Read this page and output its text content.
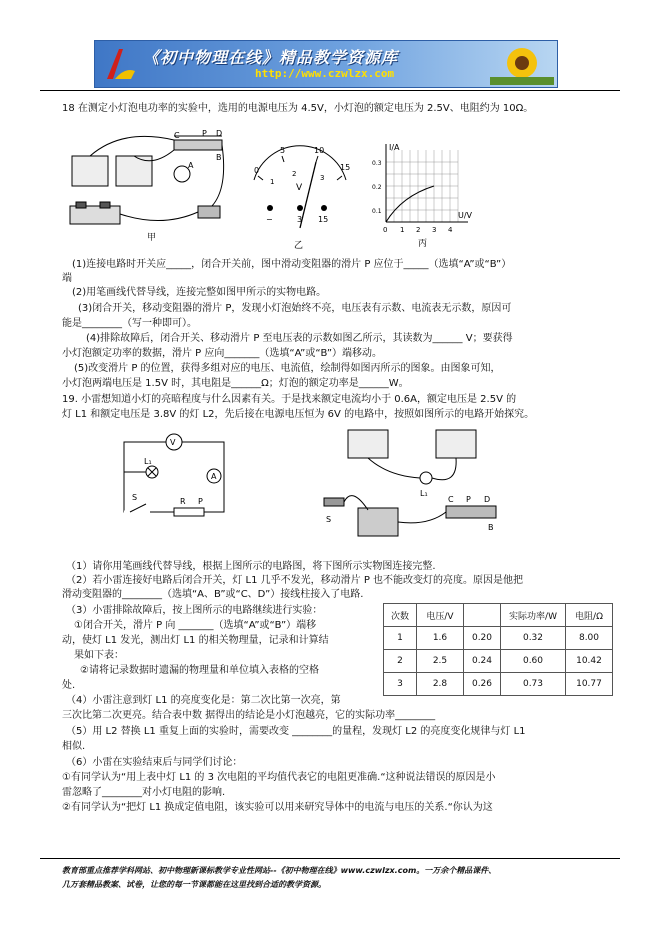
《初中物理在线》精品教学资源库
http://www.czwlzx.com
18 在测定小灯泡电功率的实验中，选用的电源电压为 4.5V，小灯泡的额定电压为 2.5V、电阻约为 10Ω。
C	P D
A
B
甲
0
5	10
15
1
2	3
V
−	3 15
乙
I/A
U/V
0.3
0.2
0.1
0 1 2 3 4
丙
(1)连接电路时开关应_____，闭合开关前，图中滑动变阻器的滑片 P 应位于_____（选填“A”或“B”）
端
(2)用笔画线代替导线，连接完整如图甲所示的实物电路。
(3)闭合开关，移动变阻器的滑片 P，发现小灯泡始终不亮，电压表有示数、电流表无示数，原因可
能是________（写一种即可）。
(4)排除故障后，闭合开关、移动滑片 P 至电压表的示数如图乙所示，其读数为______ V；要获得
小灯泡额定功率的数据，滑片 P 应向_______（选填“A”或“B”）端移动。
(5)改变滑片 P 的位置，获得多组对应的电压、电流值，绘制得如图丙所示的图象。由图象可知，
小灯泡两端电压是 1.5V 时，其电阻是______Ω；灯泡的额定功率是______W。
19. 小雷想知道小灯的亮暗程度与什么因素有关。于是找来额定电流均小于 0.6A，额定电压是 2.5V 的
灯 L1 和额定电压是 3.8V 的灯 L2，先后接在电源电压恒为 6V 的电路中，按照如图所示的电路开始探究。
V
A
L₁
S	R P
L₁
S
C P D
B
（1）请你用笔画线代替导线，根据上图所示的电路图，将下图所示实物图连接完整.
（2）若小雷连接好电路后闭合开关，灯 L1 几乎不发光，移动滑片 P 也不能改变灯的亮度。原因是他把
滑动变阻器的________（选填“A、B”或“C、D”）接线柱接入了电路.
（3）小雷排除故障后，按上图所示的电路继续进行实验：
①闭合开关，滑片 P 向 _______（选填“A”或“B”）端移
动，使灯 L1 发光，测出灯 L1 的相关物理量，记录和计算结
果如下表：
②请将记录数据时遗漏的物理量和单位填入表格的空格
处.
（4）小雷注意到灯 L1 的亮度变化是：第二次比第一次亮，第
三次比第二次更亮。结合表中数 据得出的结论是小灯泡越亮，它的实际功率________
（5）用 L2 替换 L1 重复上面的实验时，需要改变 ________的量程，发现灯 L2 的亮度变化规律与灯 L1
相似.
（6）小雷在实验结束后与同学们讨论：
①有同学认为“用上表中灯 L1 的 3 次电阻的平均值代表它的电阻更准确.“这种说法错误的原因是小
雷忽略了________对小灯电阻的影响.
②有同学认为“把灯 L1 换成定值电阻，该实验可以用来研究导体中的电流与电压的关系.“你认为这
次数	电压/V		实际功率/W	电阻/Ω
1	1.6	0.20	0.32	8.00
2	2.5	0.24	0.60	10.42
3	2.8	0.26	0.73	10.77
教育部重点推荐学科网站、初中物理新课标教学专业性网站--《初中物理在线》www.czwlzx.com。一万余个精品课件、
几万套精品教案、试卷，让您的每一节课都能在这里找到合适的教学资源。
